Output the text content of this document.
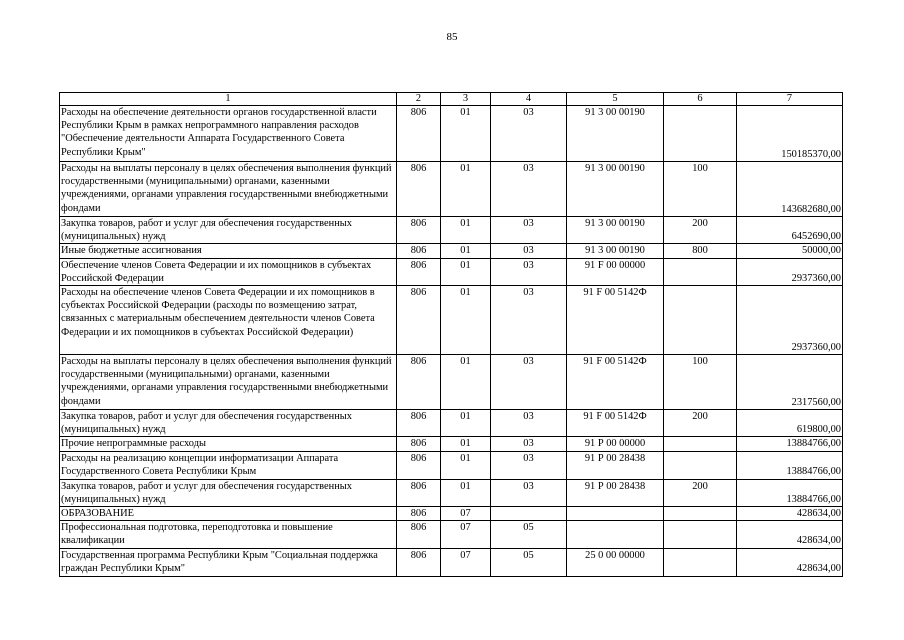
85
1	2	3	4	5	6	7
Расходы на обеспечение деятельности органов государственной власти Республики Крым в рамках непрограммного направления расходов "Обеспечение деятельности Аппарата Государственного Совета Республики Крым"	806	01	03	91 3 00 00190		150185370,00
Расходы на выплаты персоналу в целях обеспечения выполнения функций государственными (муниципальными) органами, казенными учреждениями, органами управления государственными внебюджетными фондами	806	01	03	91 3 00 00190	100	143682680,00
Закупка товаров, работ и услуг для обеспечения государственных (муниципальных) нужд	806	01	03	91 3 00 00190	200	6452690,00
Иные бюджетные ассигнования	806	01	03	91 3 00 00190	800	50000,00
Обеспечение членов Совета Федерации и их помощников в субъектах Российской Федерации	806	01	03	91 F 00 00000		2937360,00
Расходы на обеспечение членов Совета Федерации и их помощников в субъектах Российской Федерации (расходы по возмещению затрат, связанных с материальным обеспечением деятельности членов Совета Федерации и их помощников в субъектах Российской Федерации)	806	01	03	91 F 00 5142Ф		2937360,00
Расходы на выплаты персоналу в целях обеспечения выполнения функций государственными (муниципальными) органами, казенными учреждениями, органами управления государственными внебюджетными фондами	806	01	03	91 F 00 5142Ф	100	2317560,00
Закупка товаров, работ и услуг для обеспечения государственных (муниципальных) нужд	806	01	03	91 F 00 5142Ф	200	619800,00
Прочие непрограммные расходы	806	01	03	91 Р 00 00000		13884766,00
Расходы на реализацию концепции информатизации Аппарата Государственного Совета Республики Крым	806	01	03	91 Р 00 28438		13884766,00
Закупка товаров, работ и услуг для обеспечения государственных (муниципальных) нужд	806	01	03	91 Р 00 28438	200	13884766,00
ОБРАЗОВАНИЕ	806	07				428634,00
Профессиональная подготовка, переподготовка и повышение квалификации	806	07	05			428634,00
Государственная программа Республики Крым "Социальная поддержка граждан Республики Крым"	806	07	05	25 0 00 00000		428634,00
